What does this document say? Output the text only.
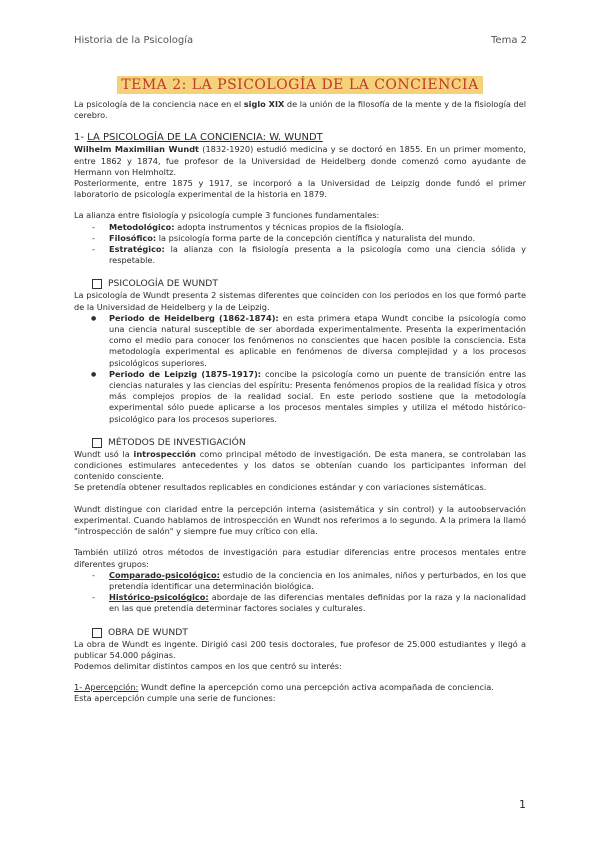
Historia de la Psicología	Tema 2
TEMA 2: LA PSICOLOGÍA DE LA CONCIENCIA

La psicología de la conciencia nace en el siglo XIX de la unión de la filosofía de la mente y de la fisiología del cerebro.

1- LA PSICOLOGÍA DE LA CONCIENCIA: W. WUNDT

Wilhelm Maximilian Wundt (1832-1920) estudió medicina y se doctoró en 1855. En un primer momento, entre 1862 y 1874, fue profesor de la Universidad de Heidelberg donde comenzó como ayudante de Hermann von Helmholtz.

Posteriormente, entre 1875 y 1917, se incorporó a la Universidad de Leipzig donde fundó el primer laboratorio de psicología experimental de la historia en 1879.

La alianza entre fisiología y psicología cumple 3 funciones fundamentales:

- Metodológico: adopta instrumentos y técnicas propios de la fisiología.
- Filosófico: la psicología forma parte de la concepción científica y naturalista del mundo.
- Estratégico: la alianza con la fisiología presenta a la psicología como una ciencia sólida y respetable.
PSICOLOGÍA DE WUNDT

La psicología de Wundt presenta 2 sistemas diferentes que coinciden con los periodos en los que formó parte de la Universidad de Heidelberg y la de Leipzig.

● Periodo de Heidelberg (1862-1874): en esta primera etapa Wundt concibe la psicología como una ciencia natural susceptible de ser abordada experimentalmente. Presenta la experimentación como el medio para conocer los fenómenos no conscientes que hacen posible la consciencia. Esta metodología experimental es aplicable en fenómenos de diversa complejidad y a los procesos psicológicos superiores.
● Periodo de Leipzig (1875-1917): concibe la psicología como un puente de transición entre las ciencias naturales y las ciencias del espíritu: Presenta fenómenos propios de la realidad física y otros más complejos propios de la realidad social. En este periodo sostiene que la metodología experimental sólo puede aplicarse a los procesos mentales simples y utiliza el método histórico-psicológico para los procesos superiores.
MÉTODOS DE INVESTIGACIÓN

Wundt usó la introspección como principal método de investigación. De esta manera, se controlaban las condiciones estimulares antecedentes y los datos se obtenían cuando los participantes informan del contenido consciente.

Se pretendía obtener resultados replicables en condiciones estándar y con variaciones sistemáticas.

Wundt distingue con claridad entre la percepción interna (asistemática y sin control) y la autoobservación experimental. Cuando hablamos de introspección en Wundt nos referimos a lo segundo. A la primera la llamó "introspección de salón" y siempre fue muy crítico con ella.

También utilizó otros métodos de investigación para estudiar diferencias entre procesos mentales entre diferentes grupos:

- Comparado-psicológico: estudio de la conciencia en los animales, niños y perturbados, en los que pretendía identificar una determinación biológica.
- Histórico-psicológico: abordaje de las diferencias mentales definidas por la raza y la nacionalidad en las que pretendía determinar factores sociales y culturales.
OBRA DE WUNDT

La obra de Wundt es ingente. Dirigió casi 200 tesis doctorales, fue profesor de 25.000 estudiantes y llegó a publicar 54.000 páginas.

Podemos delimitar distintos campos en los que centró su interés:

1- Apercepción: Wundt define la apercepción como una percepción activa acompañada de conciencia.

Esta apercepción cumple una serie de funciones:

1
